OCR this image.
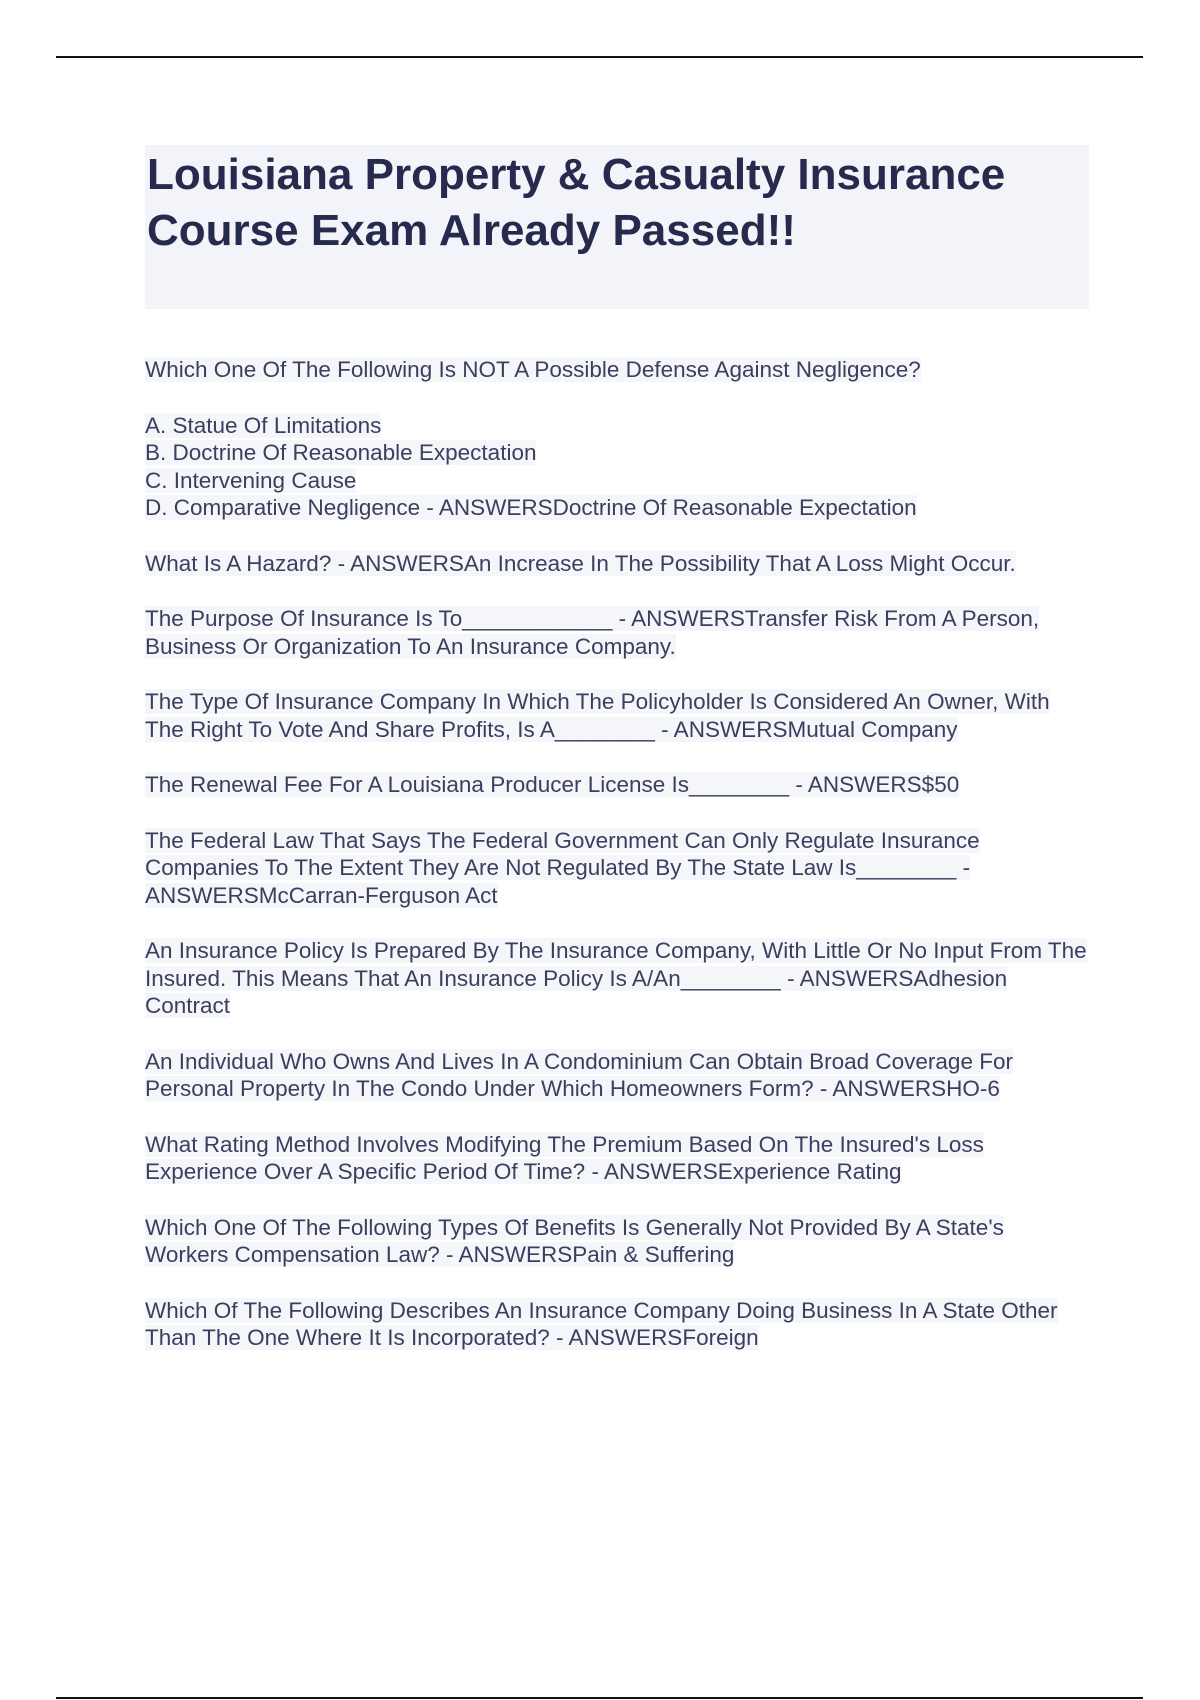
Louisiana Property & Casualty Insurance Course Exam Already Passed!!

Which One Of The Following Is NOT A Possible Defense Against Negligence?

A. Statue Of Limitations
B. Doctrine Of Reasonable Expectation
C. Intervening Cause
D. Comparative Negligence - ANSWERSDoctrine Of Reasonable Expectation

What Is A Hazard? - ANSWERSAn Increase In The Possibility That A Loss Might Occur.

The Purpose Of Insurance Is To____________ - ANSWERSTransfer Risk From A Person, Business Or Organization To An Insurance Company.

The Type Of Insurance Company In Which The Policyholder Is Considered An Owner, With The Right To Vote And Share Profits, Is A________ - ANSWERSMutual Company

The Renewal Fee For A Louisiana Producer License Is________ - ANSWERS$50

The Federal Law That Says The Federal Government Can Only Regulate Insurance Companies To The Extent They Are Not Regulated By The State Law Is________ - ANSWERSMcCarran-Ferguson Act

An Insurance Policy Is Prepared By The Insurance Company, With Little Or No Input From The Insured. This Means That An Insurance Policy Is A/An________ - ANSWERSAdhesion Contract

An Individual Who Owns And Lives In A Condominium Can Obtain Broad Coverage For Personal Property In The Condo Under Which Homeowners Form? - ANSWERSHO-6

What Rating Method Involves Modifying The Premium Based On The Insured's Loss Experience Over A Specific Period Of Time? - ANSWERSExperience Rating

Which One Of The Following Types Of Benefits Is Generally Not Provided By A State's Workers Compensation Law? - ANSWERSPain & Suffering

Which Of The Following Describes An Insurance Company Doing Business In A State Other Than The One Where It Is Incorporated? - ANSWERSForeign
